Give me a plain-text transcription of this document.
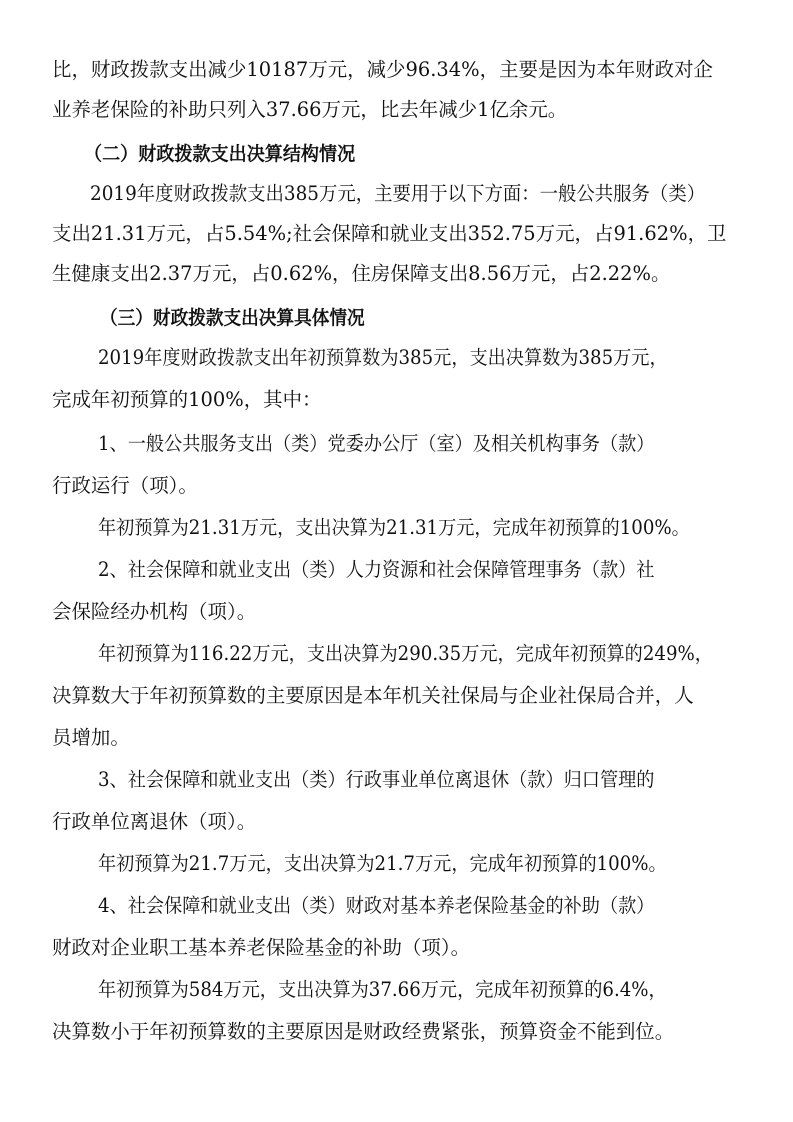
比，财政拨款支出减少10187万元，减少96.34%，主要是因为本年财政对企
业养老保险的补助只列入37.66万元，比去年减少1亿余元。
（二）财政拨款支出决算结构情况
2019年度财政拨款支出385万元，主要用于以下方面：一般公共服务（类）
支出21.31万元，占5.54%;社会保障和就业支出352.75万元，占91.62%，卫
生健康支出2.37万元，占0.62%，住房保障支出8.56万元，占2.22%。
（三）财政拨款支出决算具体情况
2019年度财政拨款支出年初预算数为385元，支出决算数为385万元，
完成年初预算的100%，其中：
1、一般公共服务支出（类）党委办公厅（室）及相关机构事务（款）
行政运行（项）。
年初预算为21.31万元，支出决算为21.31万元，完成年初预算的100%。
2、社会保障和就业支出（类）人力资源和社会保障管理事务（款）社
会保险经办机构（项）。
年初预算为116.22万元，支出决算为290.35万元，完成年初预算的249%，
决算数大于年初预算数的主要原因是本年机关社保局与企业社保局合并，人
员增加。
3、社会保障和就业支出（类）行政事业单位离退休（款）归口管理的
行政单位离退休（项）。
年初预算为21.7万元，支出决算为21.7万元，完成年初预算的100%。
4、社会保障和就业支出（类）财政对基本养老保险基金的补助（款）
财政对企业职工基本养老保险基金的补助（项）。
年初预算为584万元，支出决算为37.66万元，完成年初预算的6.4%，
决算数小于年初预算数的主要原因是财政经费紧张，预算资金不能到位。
